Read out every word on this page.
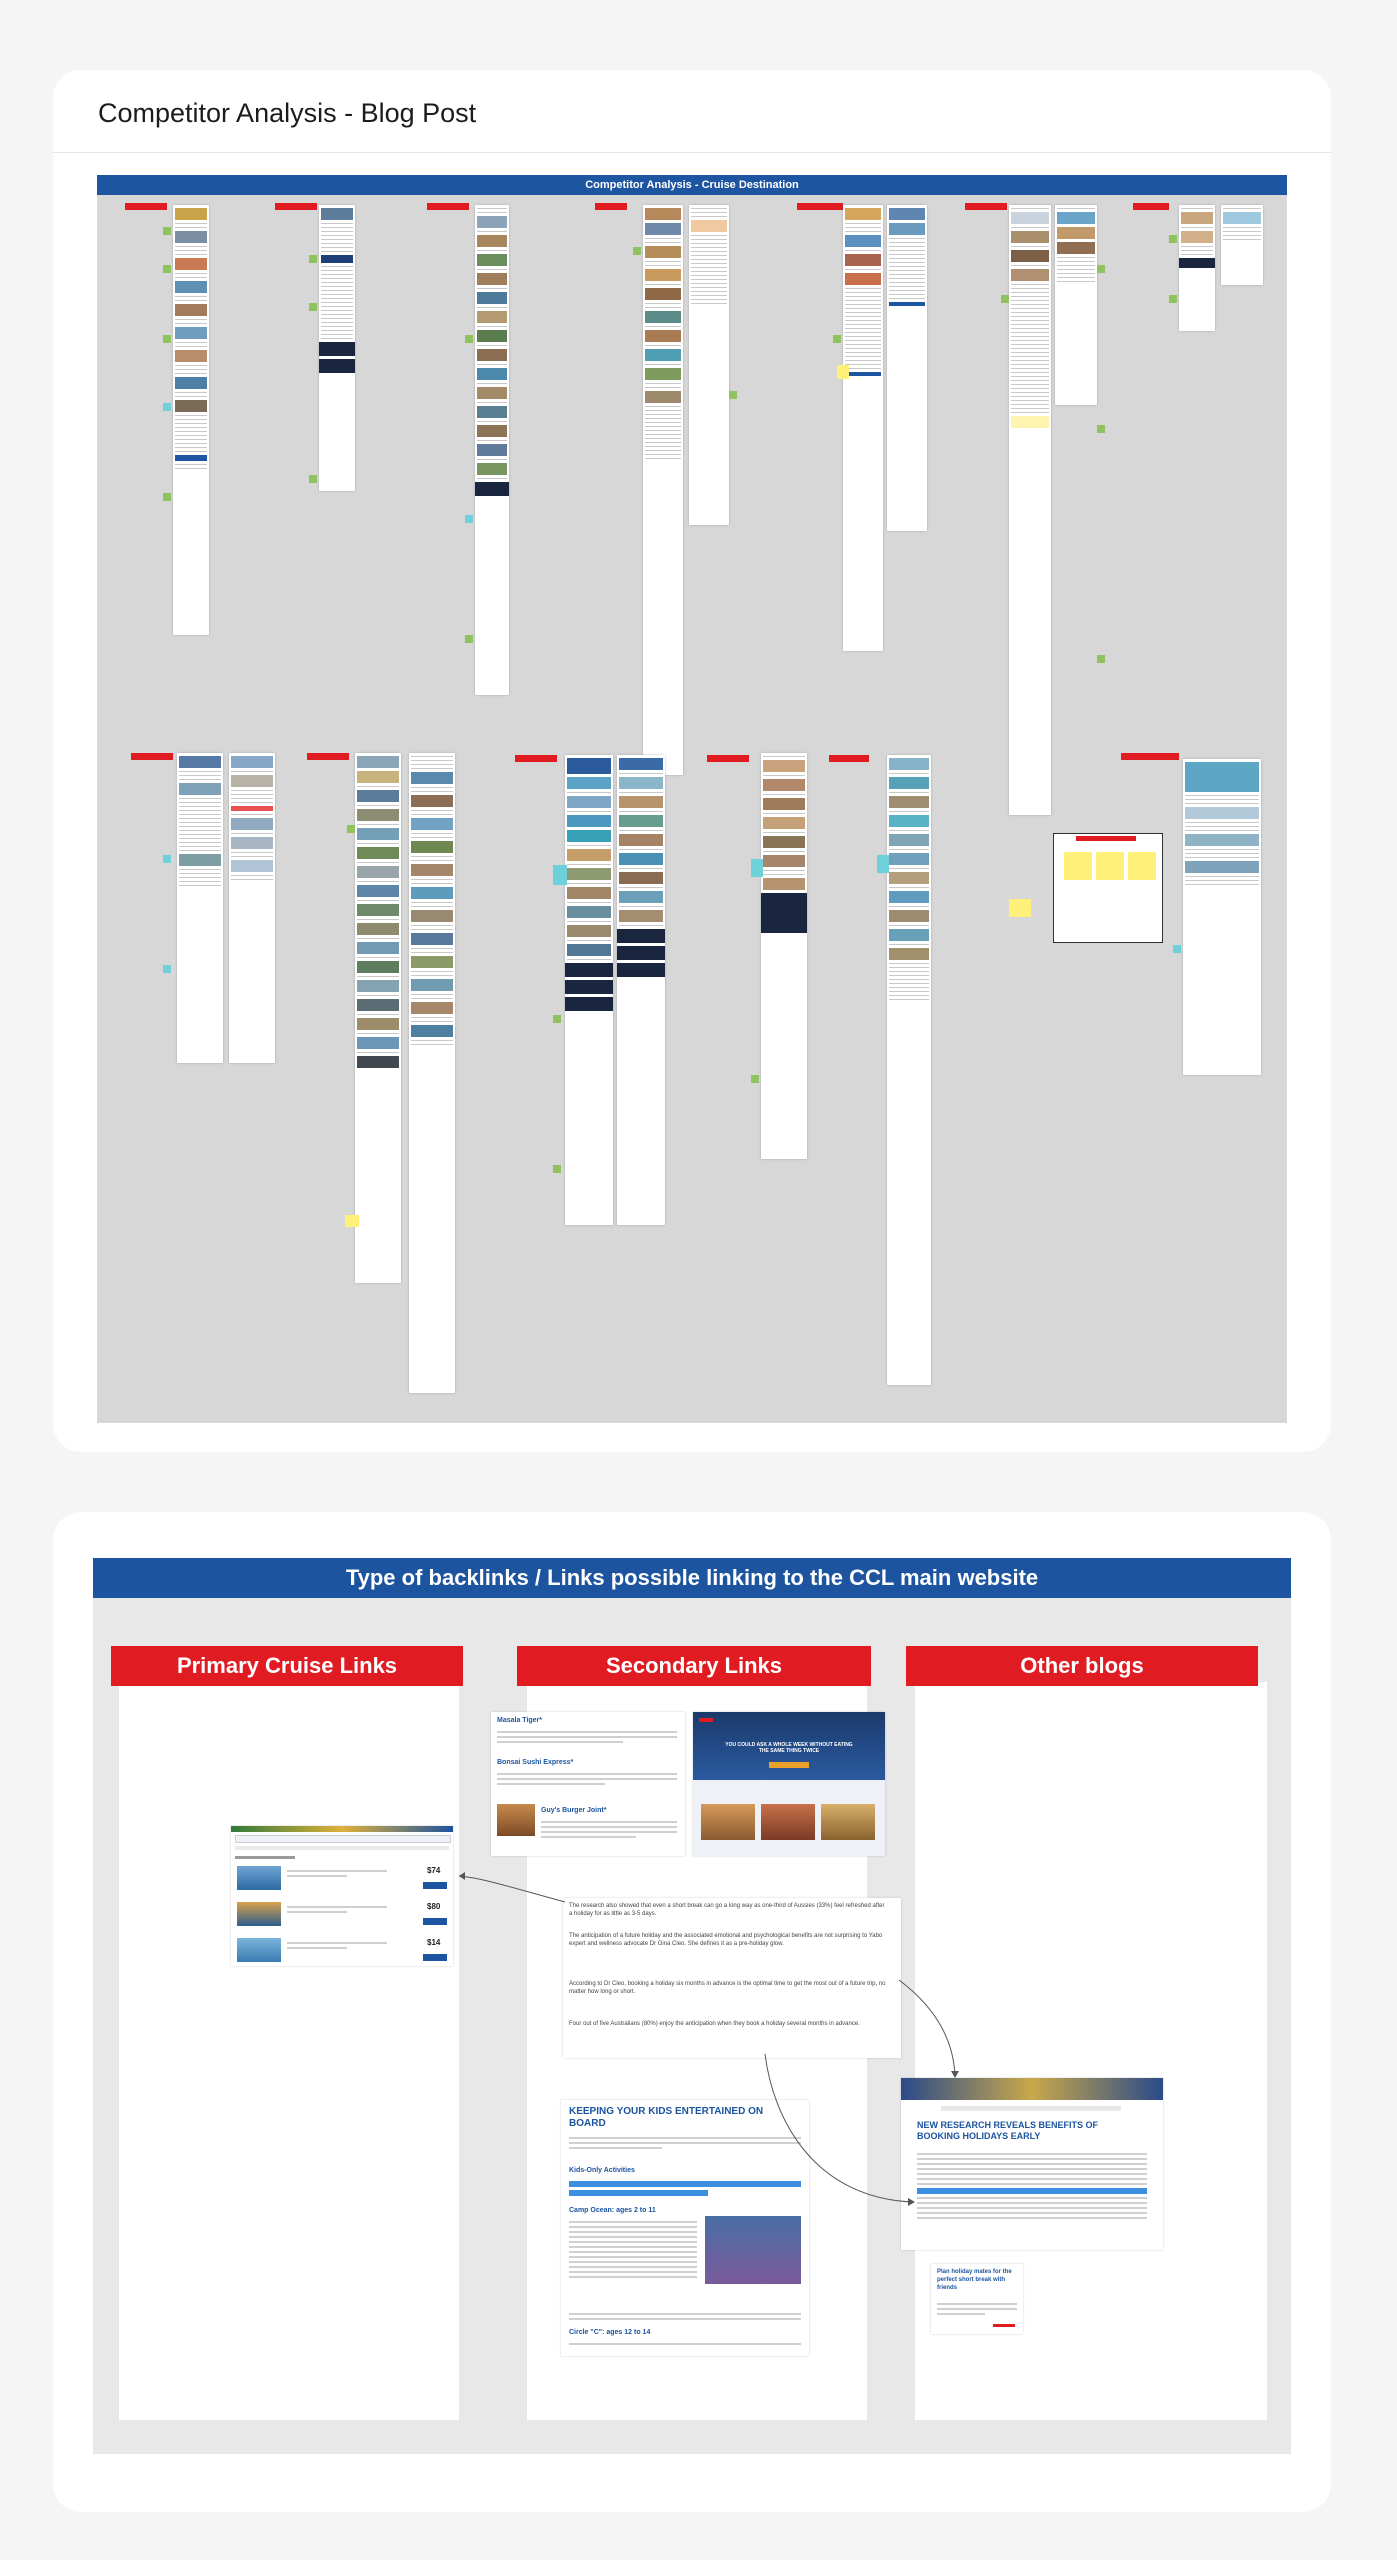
Competitor Analysis - Blog Post
Competitor Analysis - Cruise Destination
Type of backlinks / Links possible linking to the CCL main website
Primary Cruise Links	Secondary Links	Other blogs
$74
$80
$14
Masala Tiger*
Bonsai Sushi Express*
Guy's Burger Joint*
YOU COULD ASK A WHOLE WEEK WITHOUT EATING THE SAME THING TWICE
The research also showed that even a short break can go a long way as one-third of Aussies (33%) feel refreshed after a holiday for as little as 3-5 days.
The anticipation of a future holiday and the associated emotional and psychological benefits are not surprising to Yabo expert and wellness advocate Dr Gina Cleo. She defines it as a pre-holiday glow.
According to Dr Cleo, booking a holiday six months in advance is the optimal time to get the most out of a future trip, no matter how long or short.
Four out of five Australians (80%) enjoy the anticipation when they book a holiday several months in advance.
KEEPING YOUR KIDS ENTERTAINED ON BOARD
Kids-Only Activities
Camp Ocean: ages 2 to 11
Circle "C": ages 12 to 14
NEW RESEARCH REVEALS BENEFITS OF BOOKING HOLIDAYS EARLY
Plan holiday mates for the perfect short break with friends
